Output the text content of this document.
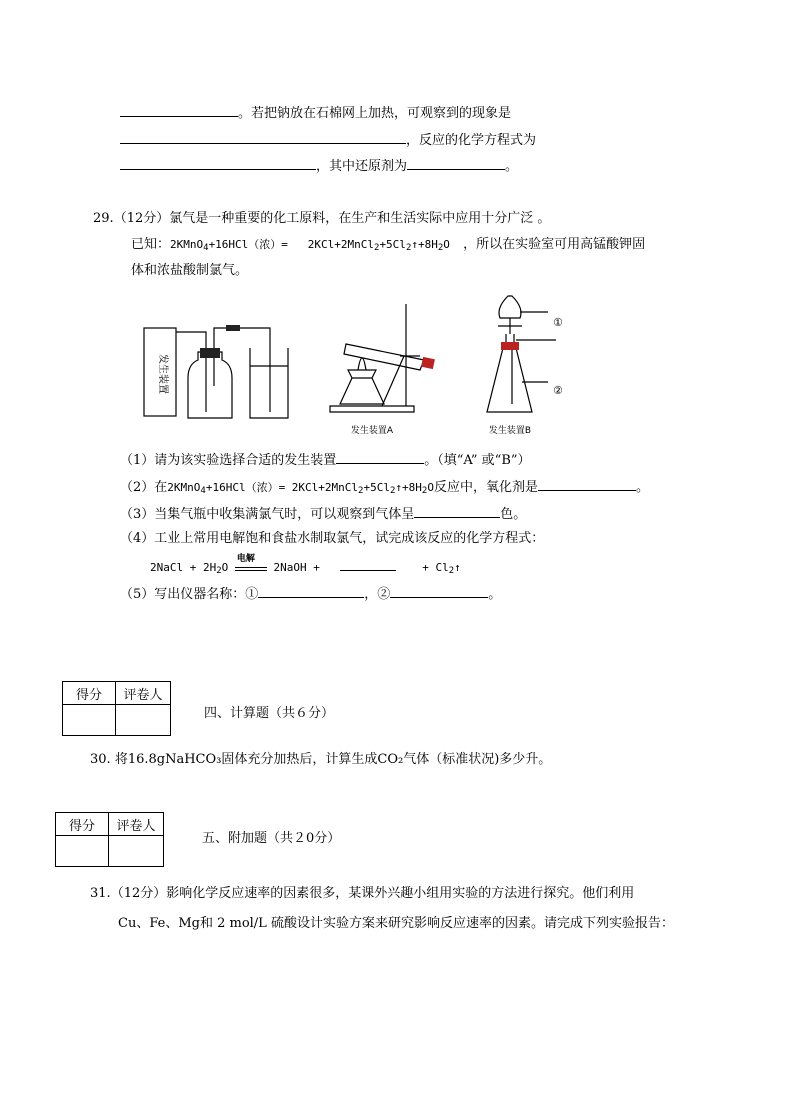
。若把钠放在石棉网上加热，可观察到的现象是
，反应的化学方程式为
，其中还原剂为	。
29.（12分）氯气是一种重要的化工原料，在生产和生活实际中应用十分广泛 。
已知：2KMnO$_4$+16HCl（浓）=   $2KCl+2MnCl_2+5Cl_2↑+8H_2O$  ，所以在实验室可用高锰酸钾固
体和浓盐酸制氯气。
发生装置
发生装置A	发生装置B
①
②
（1）请为该实验选择合适的发生装置	。（填“A” 或“B”）
（2）在2KMnO$_4$+16HCl（浓）= $2KCl+2MnCl_2+5Cl_2↑+8H_2O$反应中，氧化剂是	。
（3）当集气瓶中收集满氯气时，可以观察到气体呈	色。
（4）工业上常用电解饱和食盐水制取氯气，试完成该反应的化学方程式：
2NaCl + $2H_2O$
电解
2NaOH +	+ $Cl_2↑$
（5）写出仪器名称：①	，②	。
得分	评卷人

四、计算题（共６分）
30. 将16.8gNaHCO₃固体充分加热后，计算生成CO₂气体（标准状况)多少升。
得分	评卷人

五、附加题（共２0分）
31.（12分）影响化学反应速率的因素很多，某课外兴趣小组用实验的方法进行探究。他们利用
Cu、Fe、Mg和 2 mol/L 硫酸设计实验方案来研究影响反应速率的因素。请完成下列实验报告：
